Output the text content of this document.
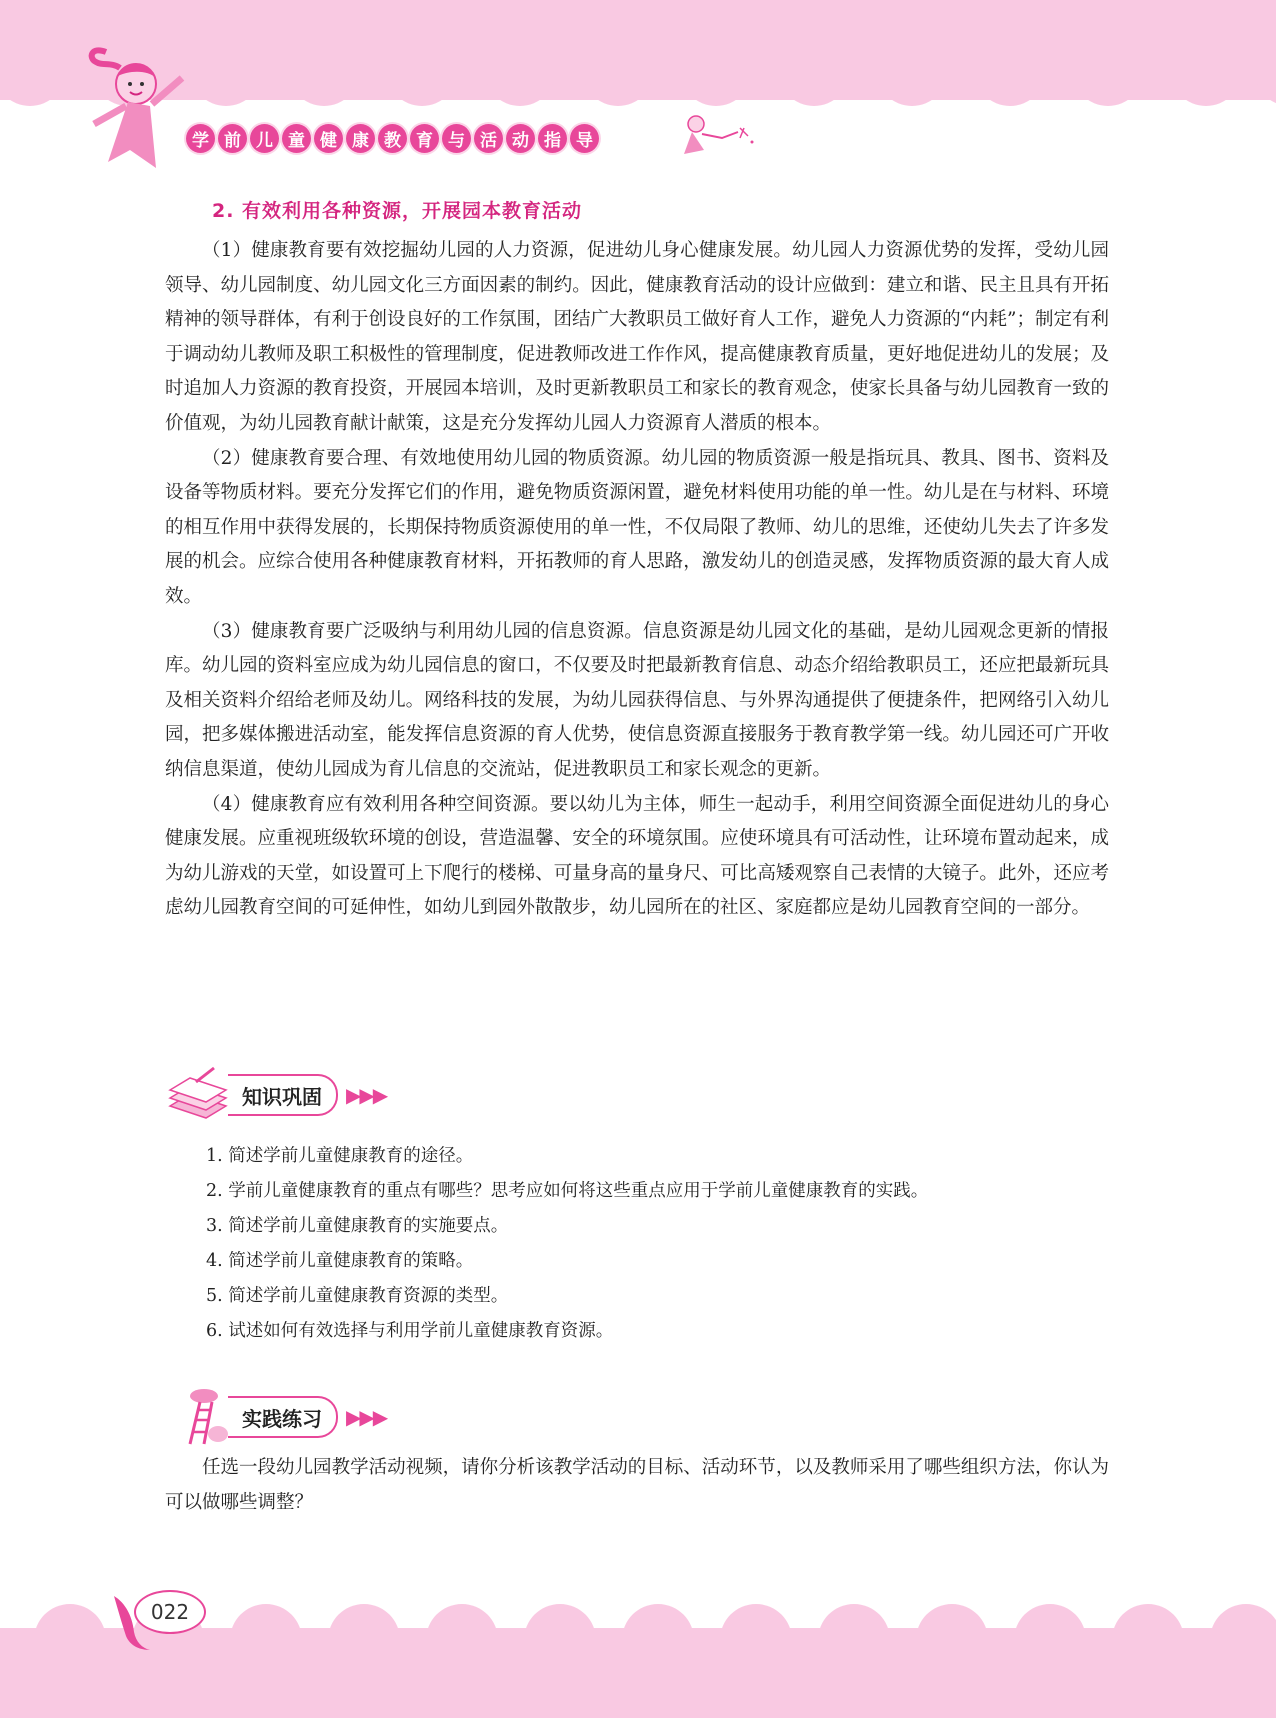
学 前 儿 童 健 康 教 育 与 活 动 指 导
2. 有效利用各种资源，开展园本教育活动

（1）健康教育要有效挖掘幼儿园的人力资源，促进幼儿身心健康发展。幼儿园人力资源优势的发挥，受幼儿园领导、幼儿园制度、幼儿园文化三方面因素的制约。因此，健康教育活动的设计应做到：建立和谐、民主且具有开拓精神的领导群体，有利于创设良好的工作氛围，团结广大教职员工做好育人工作，避免人力资源的“内耗”；制定有利于调动幼儿教师及职工积极性的管理制度，促进教师改进工作作风，提高健康教育质量，更好地促进幼儿的发展；及时追加人力资源的教育投资，开展园本培训，及时更新教职员工和家长的教育观念，使家长具备与幼儿园教育一致的价值观，为幼儿园教育献计献策，这是充分发挥幼儿园人力资源育人潜质的根本。

（2）健康教育要合理、有效地使用幼儿园的物质资源。幼儿园的物质资源一般是指玩具、教具、图书、资料及设备等物质材料。要充分发挥它们的作用，避免物质资源闲置，避免材料使用功能的单一性。幼儿是在与材料、环境的相互作用中获得发展的，长期保持物质资源使用的单一性，不仅局限了教师、幼儿的思维，还使幼儿失去了许多发展的机会。应综合使用各种健康教育材料，开拓教师的育人思路，激发幼儿的创造灵感，发挥物质资源的最大育人成效。

（3）健康教育要广泛吸纳与利用幼儿园的信息资源。信息资源是幼儿园文化的基础，是幼儿园观念更新的情报库。幼儿园的资料室应成为幼儿园信息的窗口，不仅要及时把最新教育信息、动态介绍给教职员工，还应把最新玩具及相关资料介绍给老师及幼儿。网络科技的发展，为幼儿园获得信息、与外界沟通提供了便捷条件，把网络引入幼儿园，把多媒体搬进活动室，能发挥信息资源的育人优势，使信息资源直接服务于教育教学第一线。幼儿园还可广开收纳信息渠道，使幼儿园成为育儿信息的交流站，促进教职员工和家长观念的更新。

（4）健康教育应有效利用各种空间资源。要以幼儿为主体，师生一起动手，利用空间资源全面促进幼儿的身心健康发展。应重视班级软环境的创设，营造温馨、安全的环境氛围。应使环境具有可活动性，让环境布置动起来，成为幼儿游戏的天堂，如设置可上下爬行的楼梯、可量身高的量身尺、可比高矮观察自己表情的大镜子。此外，还应考虑幼儿园教育空间的可延伸性，如幼儿到园外散散步，幼儿园所在的社区、家庭都应是幼儿园教育空间的一部分。

知识巩固	▶▶▶
1. 简述学前儿童健康教育的途径。
2. 学前儿童健康教育的重点有哪些？思考应如何将这些重点应用于学前儿童健康教育的实践。
3. 简述学前儿童健康教育的实施要点。
4. 简述学前儿童健康教育的策略。
5. 简述学前儿童健康教育资源的类型。
6. 试述如何有效选择与利用学前儿童健康教育资源。
实践练习	▶▶▶

任选一段幼儿园教学活动视频，请你分析该教学活动的目标、活动环节，以及教师采用了哪些组织方法，你认为可以做哪些调整？

022
